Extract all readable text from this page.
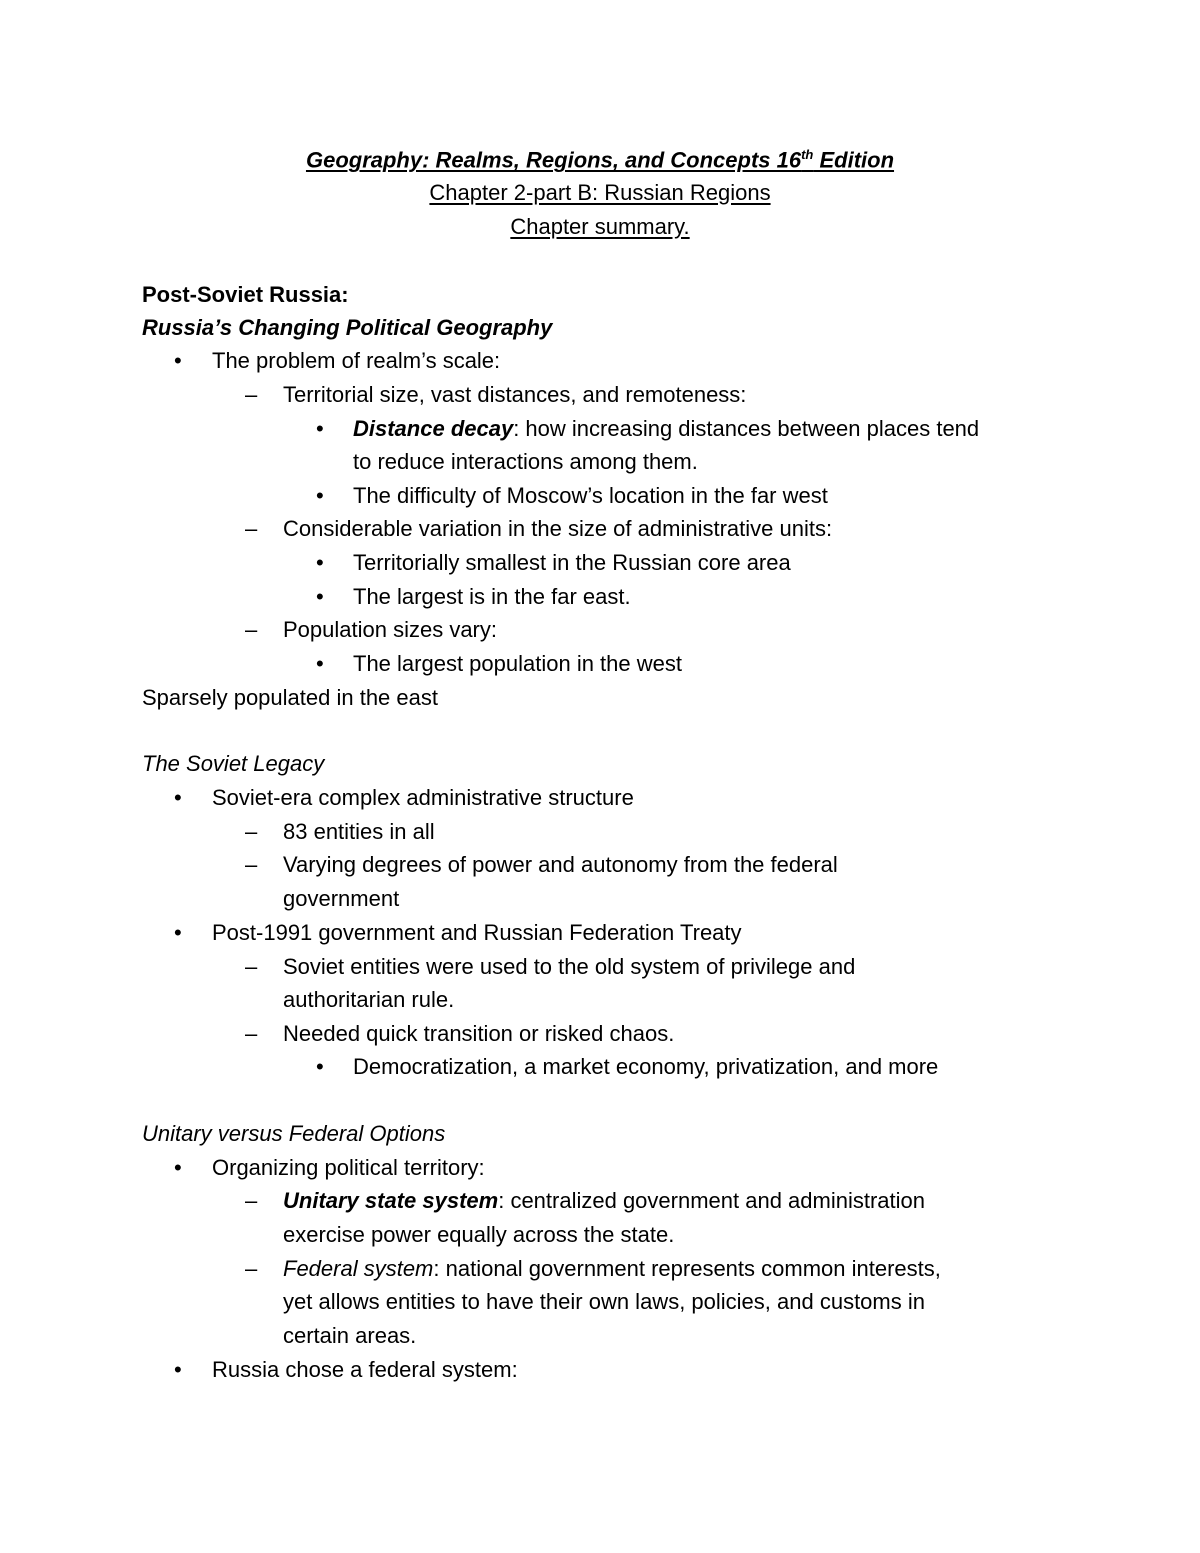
Geography: Realms, Regions, and Concepts 16th Edition
Chapter 2-part B: Russian Regions
Chapter summary.
Post-Soviet Russia:
Russia’s Changing Political Geography
• The problem of realm’s scale:
– Territorial size, vast distances, and remoteness:
• Distance decay: how increasing distances between places tend
to reduce interactions among them.
• The difficulty of Moscow’s location in the far west
– Considerable variation in the size of administrative units:
• Territorially smallest in the Russian core area
• The largest is in the far east.
– Population sizes vary:
• The largest population in the west
Sparsely populated in the east
The Soviet Legacy
• Soviet-era complex administrative structure
– 83 entities in all
– Varying degrees of power and autonomy from the federal
government
• Post-1991 government and Russian Federation Treaty
– Soviet entities were used to the old system of privilege and
authoritarian rule.
– Needed quick transition or risked chaos.
• Democratization, a market economy, privatization, and more
Unitary versus Federal Options
• Organizing political territory:
– Unitary state system: centralized government and administration
exercise power equally across the state.
– Federal system: national government represents common interests,
yet allows entities to have their own laws, policies, and customs in
certain areas.
• Russia chose a federal system:
